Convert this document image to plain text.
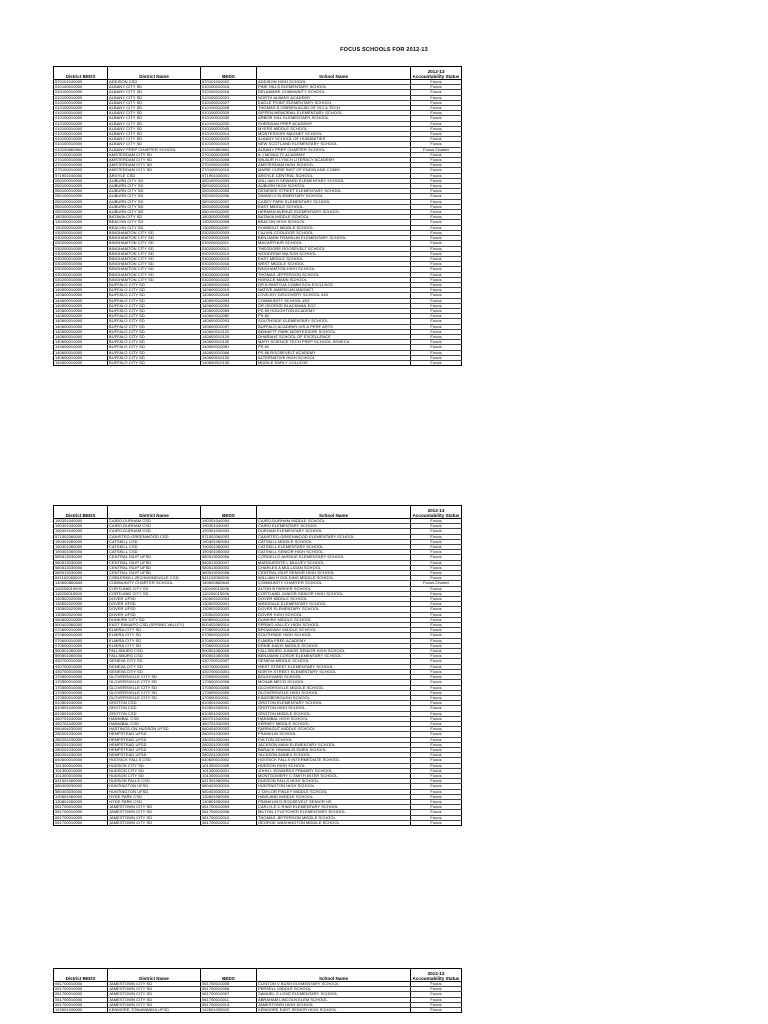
FOCUS SCHOOLS FOR 2012-13
District BEDS	District Name	BEDS	School Name	2012-13
Accountability Status

570101040000	ADDISON CSD	570101040002	ADDISON HIGH SCHOOL	Focus
010100010000	ALBANY CITY SD	010100010016	PINE HILLS ELEMENTARY SCHOOL	Focus
010100010000	ALBANY CITY SD	010100010018	DELAWARE COMMUNITY SCHOOL	Focus
010100010000	ALBANY CITY SD	010100010021	NORTH ALBANY ACADEMY	Focus
010100010000	ALBANY CITY SD	010100010027	EAGLE POINT ELEMENTARY SCHOOL	Focus
010100010000	ALBANY CITY SD	010100010028	THOMAS S O'BRIEN ACAD OF SCI & TECH	Focus
010100010000	ALBANY CITY SD	010100010029	GIFFEN MEMORIAL ELEMENTARY SCHOOL	Focus
010100010000	ALBANY CITY SD	010100010030	ARBOR HILL ELEMENTARY SCHOOL	Focus
010100010000	ALBANY CITY SD	010100010032	SHERIDAN PREP ACADEMY	Focus
010100010000	ALBANY CITY SD	010100010045	MYERS MIDDLE SCHOOL	Focus
010100010000	ALBANY CITY SD	010100010014	MONTESSORI MAGNET SCHOOL	Focus
010100010000	ALBANY CITY SD	010100010023	ALBANY SCHOOL OF HUMANITIES	Focus
010100010000	ALBANY CITY SD	010100010019	NEW SCOTLAND ELEMENTARY SCHOOL	Focus
010100860864	ALBANY PREP CHARTER SCHOOL	010100860864	ALBANY PREP CHARTER SCHOOL	Focus Charter
270100010000	AMSTERDAM CITY SD	270100010005	A J MCNULTY ACADEMY	Focus
270100010000	AMSTERDAM CITY SD	270100010008	WILBUR H LYNCH LITERACY ACADEMY	Focus
270100010000	AMSTERDAM CITY SD	270100010009	AMSTERDAM HIGH SCHOOL	Focus
270100010000	AMSTERDAM CITY SD	270100010010	MARIE CURIE INST OF ENGIN AND COMM	Focus
571901040000	ARGYLE CSD	571901040001	ARGYLE CENTRAL SCHOOL	Focus
050100010000	AUBURN CITY SD	050100010009	WILLIAM H SEWARD ELEMENTARY SCHOOL	Focus
050100010000	AUBURN CITY SD	050100010013	AUBURN HIGH SCHOOL	Focus
050100010000	AUBURN CITY SD	050100010005	GENESEE STREET ELEMENTARY SCHOOL	Focus
050100010000	AUBURN CITY SD	050100010006	OWASCO ELEMENTARY SCHOOL	Focus
050100010000	AUBURN CITY SD	050100010007	CASEY PARK ELEMENTARY SCHOOL	Focus
050100010000	AUBURN CITY SD	050100010008	EAST MIDDLE SCHOOL	Focus
050100010000	AUBURN CITY SD	050100010002	HERMAN AVENUE ELEMENTARY SCHOOL	Focus
180300010000	BATAVIA CITY SD	180300010005	BATAVIA MIDDLE SCHOOL	Focus
130200010000	BEACON CITY SD	130200010006	BEACON HIGH SCHOOL	Focus
130200010000	BEACON CITY SD	130200010007	ROMBOUT MIDDLE SCHOOL	Focus
030200010000	BINGHAMTON CITY SD	030200010003	CALVIN COOLIDGE SCHOOL	Focus
030200010000	BINGHAMTON CITY SD	030200010005	BENJAMIN FRANKLIN ELEMENTARY SCHOOL	Focus
030200010000	BINGHAMTON CITY SD	030200010011	MACARTHUR SCHOOL	Focus
030200010000	BINGHAMTON CITY SD	030200010012	THEODORE ROOSEVELT SCHOOL	Focus
030200010000	BINGHAMTON CITY SD	030200010014	WOODROW WILSON SCHOOL	Focus
030200010000	BINGHAMTON CITY SD	030200010015	EAST MIDDLE SCHOOL	Focus
030200010000	BINGHAMTON CITY SD	030200010016	WEST MIDDLE SCHOOL	Focus
030200010000	BINGHAMTON CITY SD	030200010021	BINGHAMTON HIGH SCHOOL	Focus
030200010000	BINGHAMTON CITY SD	030200010008	THOMAS JEFFERSON SCHOOL	Focus
030200010000	BINGHAMTON CITY SD	030200010022	HORACE MANN SCHOOL	Focus
140600010000	BUFFALO CITY SD	140600010003	DR A PANTOJA COMM SCH EXCLLNCE	Focus
140600010000	BUFFALO CITY SD	140600010019	NATIVE AMERICAN MAGNET	Focus
140600010000	BUFFALO CITY SD	140600010043	LOVEJOY DISCOVERY SCHOOL #43	Focus
140600010000	BUFFALO CITY SD	140600010053	COMMUNITY SCHOOL #53	Focus
140600010000	BUFFALO CITY SD	140600010054	DR GEORGE BLACKMAN ECC	Focus
140600010000	BUFFALO CITY SD	140600010059	PS 69 HOUGHTON ACADEMY	Focus
140600010000	BUFFALO CITY SD	140600010082	PS 82	Focus
140600010000	BUFFALO CITY SD	140600010093	SOUTHSIDE ELEMENTARY SCHOOL	Focus
140600010000	BUFFALO CITY SD	140600010097	BUFFALO ACADEMY-VIS & PERF ARTS	Focus
140600010000	BUFFALO CITY SD	140600010122	BENNETT PARK MONTESSORI SCHOOL	Focus
140600010000	BUFFALO CITY SD	140600010129	DHARAHZ SCHOOL OF EXCELLENCE	Focus
140600010000	BUFFALO CITY SD	140600010130	MATH SCIENCE TECH PREP SCHOOL-SENECA	Focus
140600010000	BUFFALO CITY SD	140600010081	PS 81	Focus
140600010000	BUFFALO CITY SD	140600010066	PS 66 ROOSEVELT ACADEMY	Focus
140600010000	BUFFALO CITY SD	140600010130	ALTERNATIVE HIGH SCHOOL	Focus
140600010000	BUFFALO CITY SD	140600010135	MIDDLE EARLY COLLEGE	Focus
District BEDS	District Name	BEDS	School Name	2012-13
Accountability Status

190301040000	CAIRO-DURHAM CSD	190301040004	CAIRO-DURHAM MIDDLE SCHOOL	Focus
190301040000	CAIRO-DURHAM CSD	190301040002	CAIRO ELEMENTARY SCHOOL	Focus
190301040000	CAIRO-DURHAM CSD	190301040003	DURHAM ELEMENTARY SCHOOL	Focus
571502060000	CANISTEO-GREENWOOD CSD	571502060003	CANISTEO-GREENWOOD ELEMENTARY SCHOOL	Focus
190401060000	CATSKILL CSD	190401060004	CATSKILL MIDDLE SCHOOL	Focus
190401060000	CATSKILL CSD	190401060002	CATSKILL ELEMENTARY SCHOOL	Focus
190401060000	CATSKILL CSD	190401060003	CATSKILL SENIOR HIGH SCHOOL	Focus
580513030000	CENTRAL ISLIP UFSD	580513030006	CORDELLO AVENUE ELEMENTARY SCHOOL	Focus
580513030000	CENTRAL ISLIP UFSD	580513030007	MARGUERITE L MULVEY SCHOOL	Focus
580513030000	CENTRAL ISLIP UFSD	580513030003	CHARLES A MULLIGAN SCHOOL	Focus
580513030000	CENTRAL ISLIP UFSD	580513030008	CENTRAL ISLIP SENIOR HIGH SCHOOL	Focus
541102060000	COBLESKILL-RICHMONDVILLE CSD	541102060005	WILLIAM H GOLDING MIDDLE SCHOOL	Focus
140600860843	COMMUNITY CHARTER SCHOOL	140600860843	COMMUNITY CHARTER SCHOOL	Focus Charter
110200010000	CORTLAND CITY SD	110200010005	ALTON B PARKER SCHOOL	Focus
110200010000	CORTLAND CITY SD	110200010006	CORTLAND JUNIOR-SENIOR HIGH SCHOOL	Focus
130502020000	DOVER UFSD	130502020004	DOVER MIDDLE SCHOOL	Focus
130502020000	DOVER UFSD	130502020001	WINGDALE ELEMENTARY SCHOOL	Focus
130502020000	DOVER UFSD	130502020002	DOVER ELEMENTARY SCHOOL	Focus
130502020000	DOVER UFSD	130502020003	DOVER HIGH SCHOOL	Focus
060800010000	DUNKIRK CITY SD	060800010016	DUNKIRK MIDDLE SCHOOL	Focus
500402060000	EAST RAMAPO CSD (SPRING VALLEY)	500402060014	SPRING VALLEY HIGH SCHOOL	Focus
070600010000	ELMIRA CITY SD	070600010018	BROADWAY MIDDLE SCHOOL	Focus
070600010000	ELMIRA CITY SD	070600010020	SOUTHSIDE HIGH SCHOOL	Focus
070600010000	ELMIRA CITY SD	070600010019	ELMIRA FREE ACADEMY	Focus
070600010000	ELMIRA CITY SD	070600010016	ERNIE DAVIS MIDDLE SCHOOL	Focus
590501060000	FALLSBURG CSD	590501060006	FALLSBURG JUNIOR-SENIOR HIGH SCHOOL	Focus
590501060000	FALLSBURG CSD	590501060005	BENJAMIN COSOR ELEMENTARY SCHOOL	Focus
430700010000	GENEVA CITY SD	430700010007	GENEVA MIDDLE SCHOOL	Focus
430700010000	GENEVA CITY SD	430700010002	WEST STREET ELEMENTARY SCHOOL	Focus
430700010000	GENEVA CITY SD	430700010001	NORTH STREET ELEMENTARY SCHOOL	Focus
170500010000	GLOVERSVILLE CITY SD	170500010002	BOULEVARD SCHOOL	Focus
170500010000	GLOVERSVILLE CITY SD	170500010006	MCNAB MECO SCHOOL	Focus
170500010000	GLOVERSVILLE CITY SD	170500010008	GLOVERSVILLE MIDDLE SCHOOL	Focus
170500010000	GLOVERSVILLE CITY SD	170500010009	GLOVERSVILLE HIGH SCHOOL	Focus
170500010000	GLOVERSVILLE CITY SD	170500010011	KINGSBOROUGH SCHOOL	Focus
610501040000	GROTON CSD	610501040002	GROTON ELEMENTARY SCHOOL	Focus
610501040000	GROTON CSD	610501040001	GROTON HIGH SCHOOL	Focus
610501040000	GROTON CSD	610501040003	GROTON MIDDLE SCHOOL	Focus
460701040000	HANNIBAL CSD	460701040004	HANNIBAL HIGH SCHOOL	Focus
460701040000	HANNIBAL CSD	460701040003	KERNEY MIDDLE SCHOOL	Focus
660404030000	HASTINGS-ON-HUDSON UFSD	660404030002	FARRAGUT MIDDLE SCHOOL	Focus
280201030000	HEMPSTEAD UFSD	280201030003	FRANKLIN SCHOOL	Focus
280201030000	HEMPSTEAD UFSD	280201030004	FULTON SCHOOL	Focus
280201030000	HEMPSTEAD UFSD	280201030005	JACKSON MAIN ELEMENTARY SCHOOL	Focus
280201030000	HEMPSTEAD UFSD	280201030008	BARACK OBAMA ELEMEN SCHOOL	Focus
280201030000	HEMPSTEAD UFSD	280201030009	JACKSON ANNEX SCHOOL	Focus
640600010000	HOOSICK FALLS CSD	640600010002	HOOSICK FALLS INTERMEDIATE SCHOOL	Focus
101300010000	HUDSON CITY SD	101300010005	HUDSON HIGH SCHOOL	Focus
101300010000	HUDSON CITY SD	101300010001	JOHN L EDWARDS PRIMARY SCHOOL	Focus
101300010000	HUDSON CITY SD	101300010006	MONTGOMERY C SMITH INTER SCHOOL	Focus
641301060000	HUDSON FALLS CSD	641301060004	HUDSON FALLS HIGH SCHOOL	Focus
580403030000	HUNTINGTON UFSD	580403030010	HUNTINGTON HIGH SCHOOL	Focus
580403030000	HUNTINGTON UFSD	580403030013	J TAYLOR FINLEY MIDDLE SCHOOL	Focus
130801060000	HYDE PARK CSD	130801060005	HAVILAND MIDDLE SCHOOL	Focus
130801060000	HYDE PARK CSD	130801060004	FRANKLIN D ROOSEVELT SENIOR HS	Focus
061700010000	JAMESTOWN CITY SD	061700010009	CARLYLE C RING ELEMENTARY SCHOOL	Focus
061700010000	JAMESTOWN CITY SD	061700010008	MILTON J FLETCHER ELEMENTARY SCHOOL	Focus
061700010000	JAMESTOWN CITY SD	061700010010	THOMAS JEFFERSON MIDDLE SCHOOL	Focus
061700010000	JAMESTOWN CITY SD	061700010012	GEORGE WASHINGTON MIDDLE SCHOOL	Focus
District BEDS	District Name	BEDS	School Name	2012-13
Accountability Status

061700010000	JAMESTOWN CITY SD	061700010005	CLINTON V BUSH ELEMENTARY SCHOOL	Focus
061700010000	JAMESTOWN CITY SD	061700010006	PERSELL MIDDLE SCHOOL	Focus
061700010000	JAMESTOWN CITY SD	061700010007	SAMUEL G LOVE ELEMENTARY SCHOOL	Focus
061700010000	JAMESTOWN CITY SD	061700010011	ABRAHAM LINCOLN ELEM SCHOOL	Focus
061700010000	JAMESTOWN CITY SD	061700010013	JAMESTOWN HIGH SCHOOL	Focus
142601030000	KENMORE-TONAWANDA UFSD	142601030020	KENMORE EAST SENIOR HIGH SCHOOL	Focus
